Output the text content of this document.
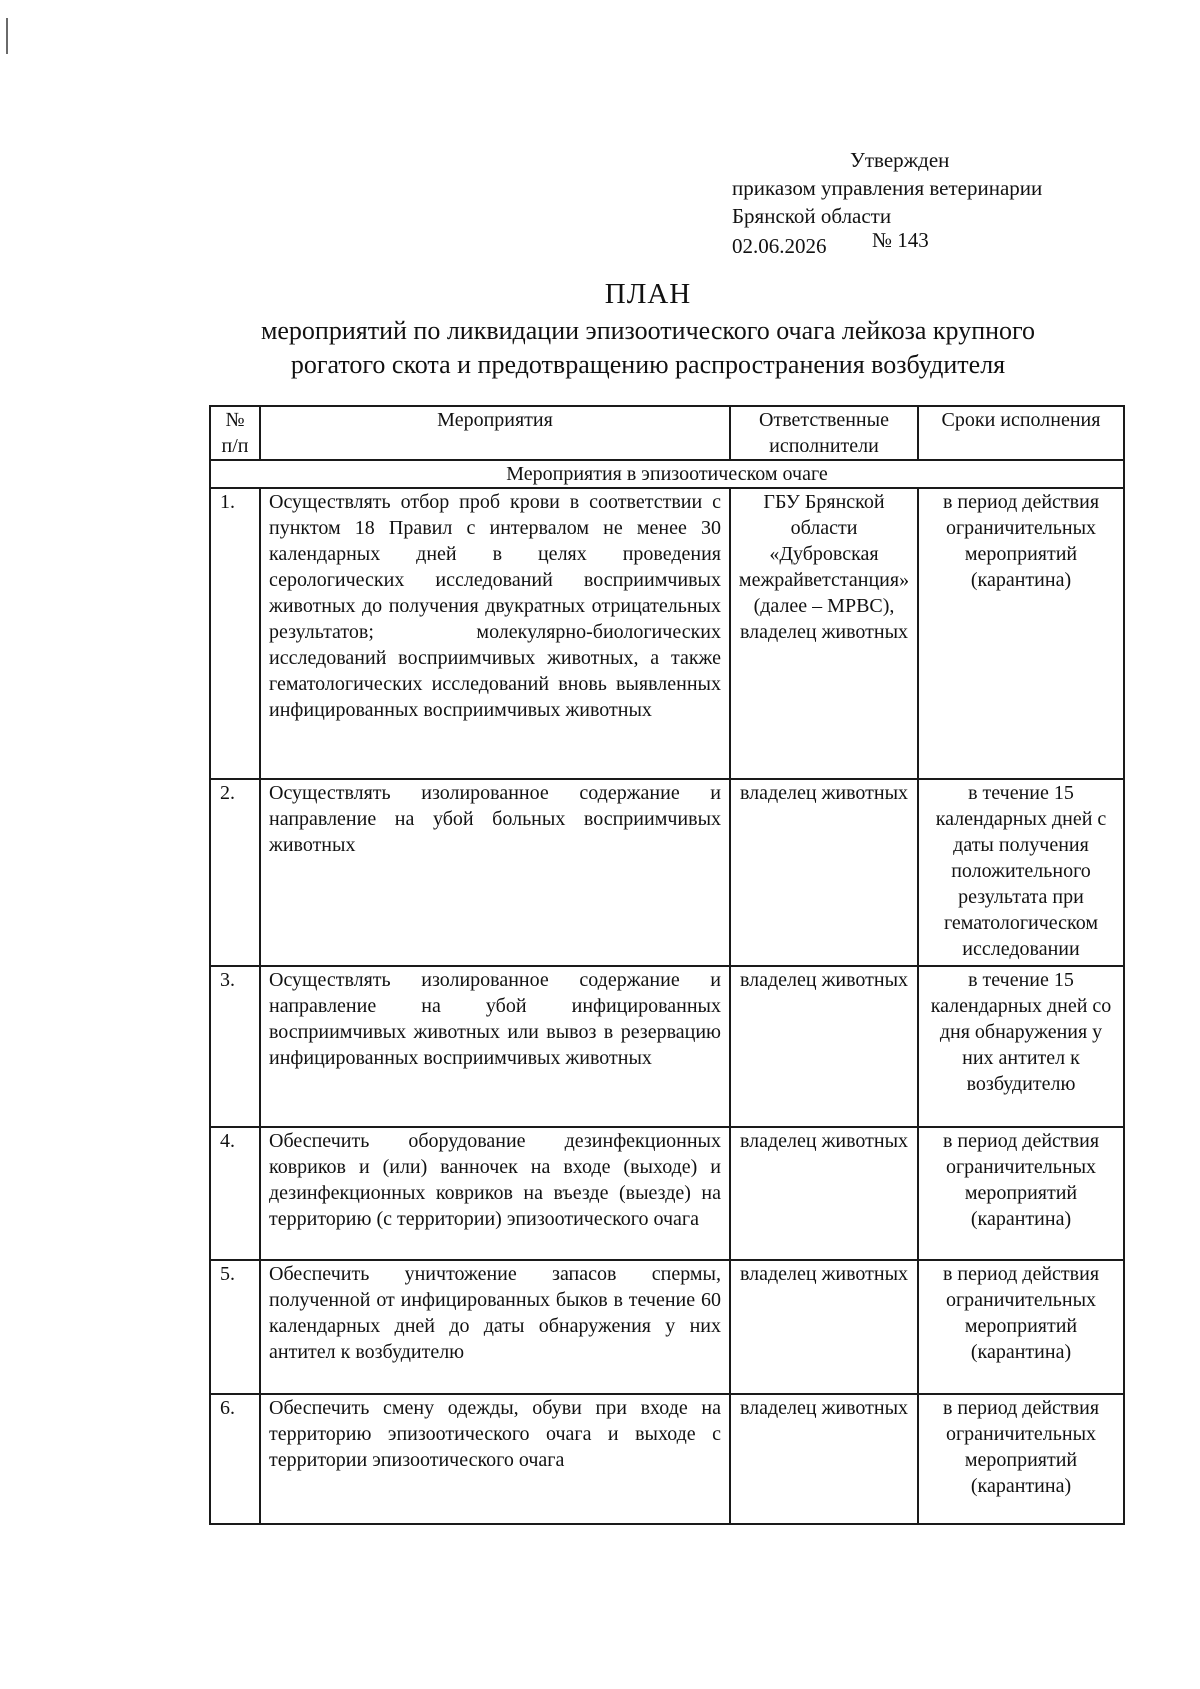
Утвержден
приказом управления ветеринарии
Брянской области
02.06.2026 № 143
ПЛАН
мероприятий по ликвидации эпизоотического очага лейкоза крупного рогатого скота и предотвращению распространения возбудителя
№ п/п	Мероприятия	Ответственные исполнители	Сроки исполнения
Мероприятия в эпизоотическом очаге			
1.	Осуществлять отбор проб крови в соответствии с пунктом 18 Правил с интервалом не менее 30 календарных дней в целях проведения серологических исследований восприимчивых животных до получения двукратных отрицательных результатов; молекулярно-биологических исследований восприимчивых животных, а также гематологических исследований вновь выявленных инфицированных восприимчивых животных	ГБУ Брянской области «Дубровская межрайветстанция» (далее – МРВС), владелец животных	в период действия ограничительных мероприятий (карантина)
2.	Осуществлять изолированное содержание и направление на убой больных восприимчивых животных	владелец животных	в течение 15 календарных дней с даты получения положительного результата при гематологическом исследовании
3.	Осуществлять изолированное содержание и направление на убой инфицированных восприимчивых животных или вывоз в резервацию инфицированных восприимчивых животных	владелец животных	в течение 15 календарных дней со дня обнаружения у них антител к возбудителю
4.	Обеспечить оборудование дезинфекционных ковриков и (или) ванночек на входе (выходе) и дезинфекционных ковриков на въезде (выезде) на территорию (с территории) эпизоотического очага	владелец животных	в период действия ограничительных мероприятий (карантина)
5.	Обеспечить уничтожение запасов спермы, полученной от инфицированных быков в течение 60 календарных дней до даты обнаружения у них антител к возбудителю	владелец животных	в период действия ограничительных мероприятий (карантина)
6.	Обеспечить смену одежды, обуви при входе на территорию эпизоотического очага и выходе с территории эпизоотического очага	владелец животных	в период действия ограничительных мероприятий (карантина)
